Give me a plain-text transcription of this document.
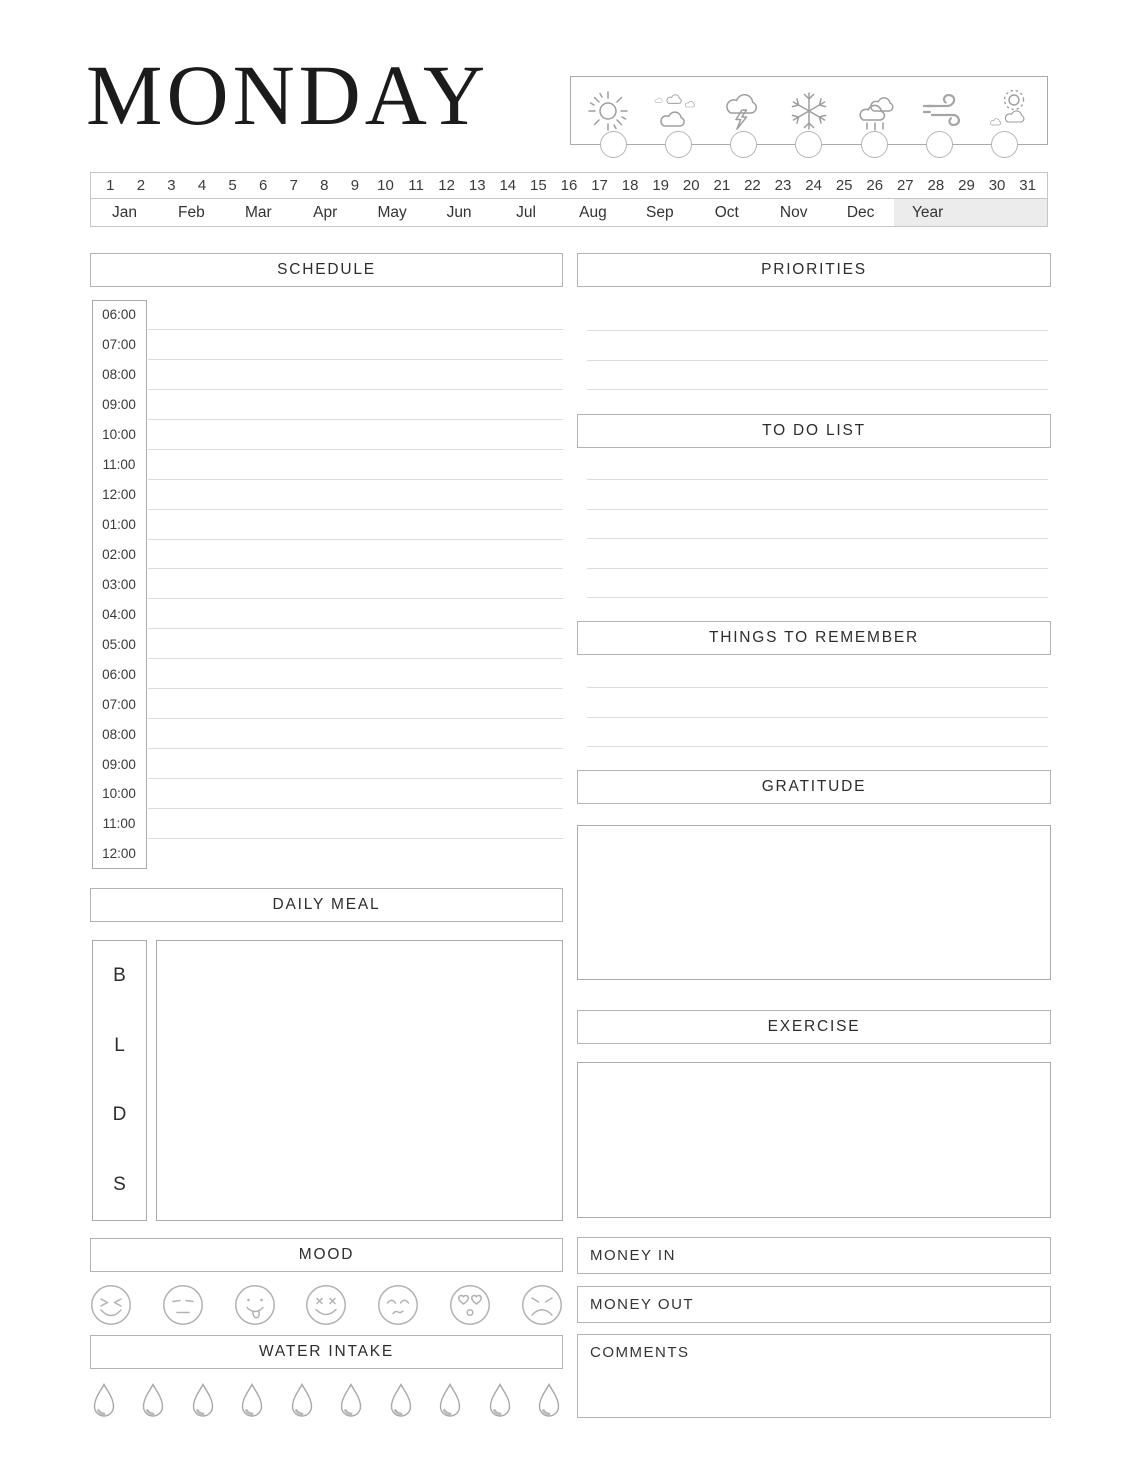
MONDAY
1	2	3	4	5	6	7	8	9	10 11 12 13 14 15 16 17 18 19 20 21 22 23 24 25 26 27 28 29 30 31
Jan	Feb	Mar	Apr	May	Jun	Jul	Aug	Sep	Oct	Nov	Dec	Year
SCHEDULE	PRIORITIES
TO DO LIST
THINGS TO REMEMBER
GRATITUDE
DAILY MEAL
EXERCISE
MOOD
WATER INTAKE
06:00
07:00
08:00
09:00
10:00
11:00
12:00
01:00
02:00
03:00
04:00
05:00
06:00
07:00
08:00
09:00
10:00
11:00
12:00
B
L
D
S
MONEY IN
MONEY OUT
COMMENTS
